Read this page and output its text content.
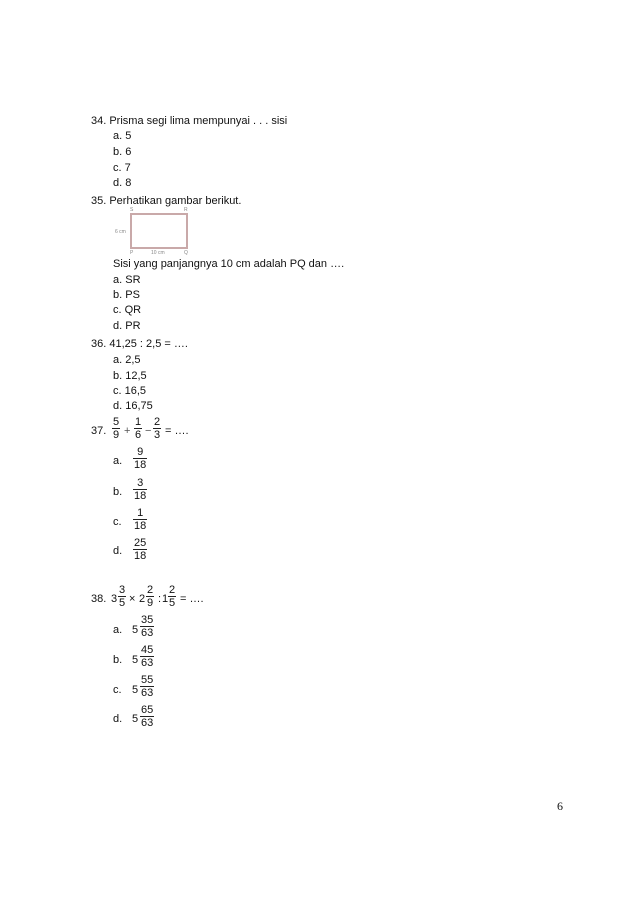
34. Prisma segi lima mempunyai . . . sisi
a. 5
b. 6
c. 7
d. 8
35. Perhatikan gambar berikut.
S	R
P	Q
6 cm
10 cm
Sisi yang panjangnya 10 cm adalah PQ dan ….
a. SR
b. PS
c. QR
d. PR
36. 41,25 : 2,5 = ….
a. 2,5
b. 12,5
c. 16,5
d. 16,75
37.
5
9 +
1
6 −
2
3 = ….
a.
9
18
b.
3
18
c.
1
18
d.
25
18
38. 3
3
5 × 2
2
9 : 1
2
5 = ….
a. 5
35
63
b. 5
45
63
c. 5
55
63
d. 5
65
63
6
